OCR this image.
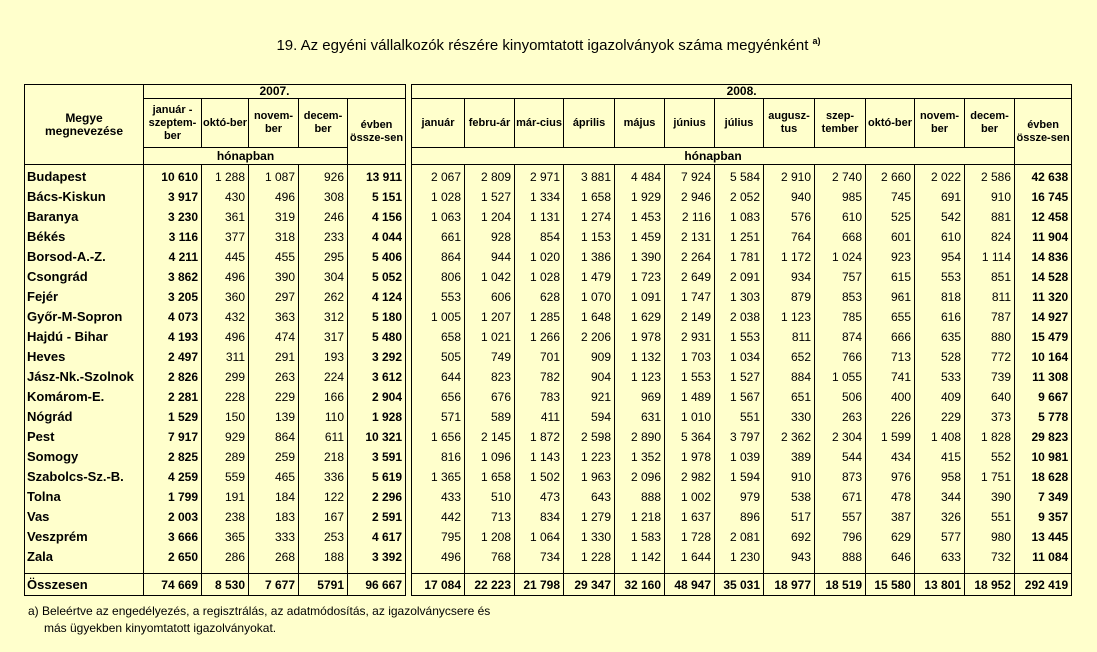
19. Az egyéni vállalkozók részére kinyomtatott igazolványok száma megyénként $^{a)}$
Megye megnevezése	2007.						2008.												
	január - szeptem-ber	októ-ber	novem-ber	decem-ber	évben össze-sen		január	febru-ár	már-cius	április	május	június	július	augusz-tus	szep-tember	októ-ber	novem-ber	decem-ber	évben össze-sen
	hónapban						hónapban												
Budapest	10 610	1 288	1 087	926	13 911		2 067	2 809	2 971	3 881	4 484	7 924	5 584	2 910	2 740	2 660	2 022	2 586	42 638
Bács-Kiskun	3 917	430	496	308	5 151		1 028	1 527	1 334	1 658	1 929	2 946	2 052	940	985	745	691	910	16 745
Baranya	3 230	361	319	246	4 156		1 063	1 204	1 131	1 274	1 453	2 116	1 083	576	610	525	542	881	12 458
Békés	3 116	377	318	233	4 044		661	928	854	1 153	1 459	2 131	1 251	764	668	601	610	824	11 904
Borsod-A.-Z.	4 211	445	455	295	5 406		864	944	1 020	1 386	1 390	2 264	1 781	1 172	1 024	923	954	1 114	14 836
Csongrád	3 862	496	390	304	5 052		806	1 042	1 028	1 479	1 723	2 649	2 091	934	757	615	553	851	14 528
Fejér	3 205	360	297	262	4 124		553	606	628	1 070	1 091	1 747	1 303	879	853	961	818	811	11 320
Győr-M-Sopron	4 073	432	363	312	5 180		1 005	1 207	1 285	1 648	1 629	2 149	2 038	1 123	785	655	616	787	14 927
Hajdú - Bihar	4 193	496	474	317	5 480		658	1 021	1 266	2 206	1 978	2 931	1 553	811	874	666	635	880	15 479
Heves	2 497	311	291	193	3 292		505	749	701	909	1 132	1 703	1 034	652	766	713	528	772	10 164
Jász-Nk.-Szolnok	2 826	299	263	224	3 612		644	823	782	904	1 123	1 553	1 527	884	1 055	741	533	739	11 308
Komárom-E.	2 281	228	229	166	2 904		656	676	783	921	969	1 489	1 567	651	506	400	409	640	9 667
Nógrád	1 529	150	139	110	1 928		571	589	411	594	631	1 010	551	330	263	226	229	373	5 778
Pest	7 917	929	864	611	10 321		1 656	2 145	1 872	2 598	2 890	5 364	3 797	2 362	2 304	1 599	1 408	1 828	29 823
Somogy	2 825	289	259	218	3 591		816	1 096	1 143	1 223	1 352	1 978	1 039	389	544	434	415	552	10 981
Szabolcs-Sz.-B.	4 259	559	465	336	5 619		1 365	1 658	1 502	1 963	2 096	2 982	1 594	910	873	976	958	1 751	18 628
Tolna	1 799	191	184	122	2 296		433	510	473	643	888	1 002	979	538	671	478	344	390	7 349
Vas	2 003	238	183	167	2 591		442	713	834	1 279	1 218	1 637	896	517	557	387	326	551	9 357
Veszprém	3 666	365	333	253	4 617		795	1 208	1 064	1 330	1 583	1 728	2 081	692	796	629	577	980	13 445
Zala	2 650	286	268	188	3 392		496	768	734	1 228	1 142	1 644	1 230	943	888	646	633	732	11 084

Összesen	74 669	8 530	7 677	5791	96 667		17 084	22 223	21 798	29 347	32 160	48 947	35 031	18 977	18 519	15 580	13 801	18 952	292 419
a) Beleértve az engedélyezés, a regisztrálás, az adatmódosítás, az igazolványcsere és
más ügyekben kinyomtatott igazolványokat.
